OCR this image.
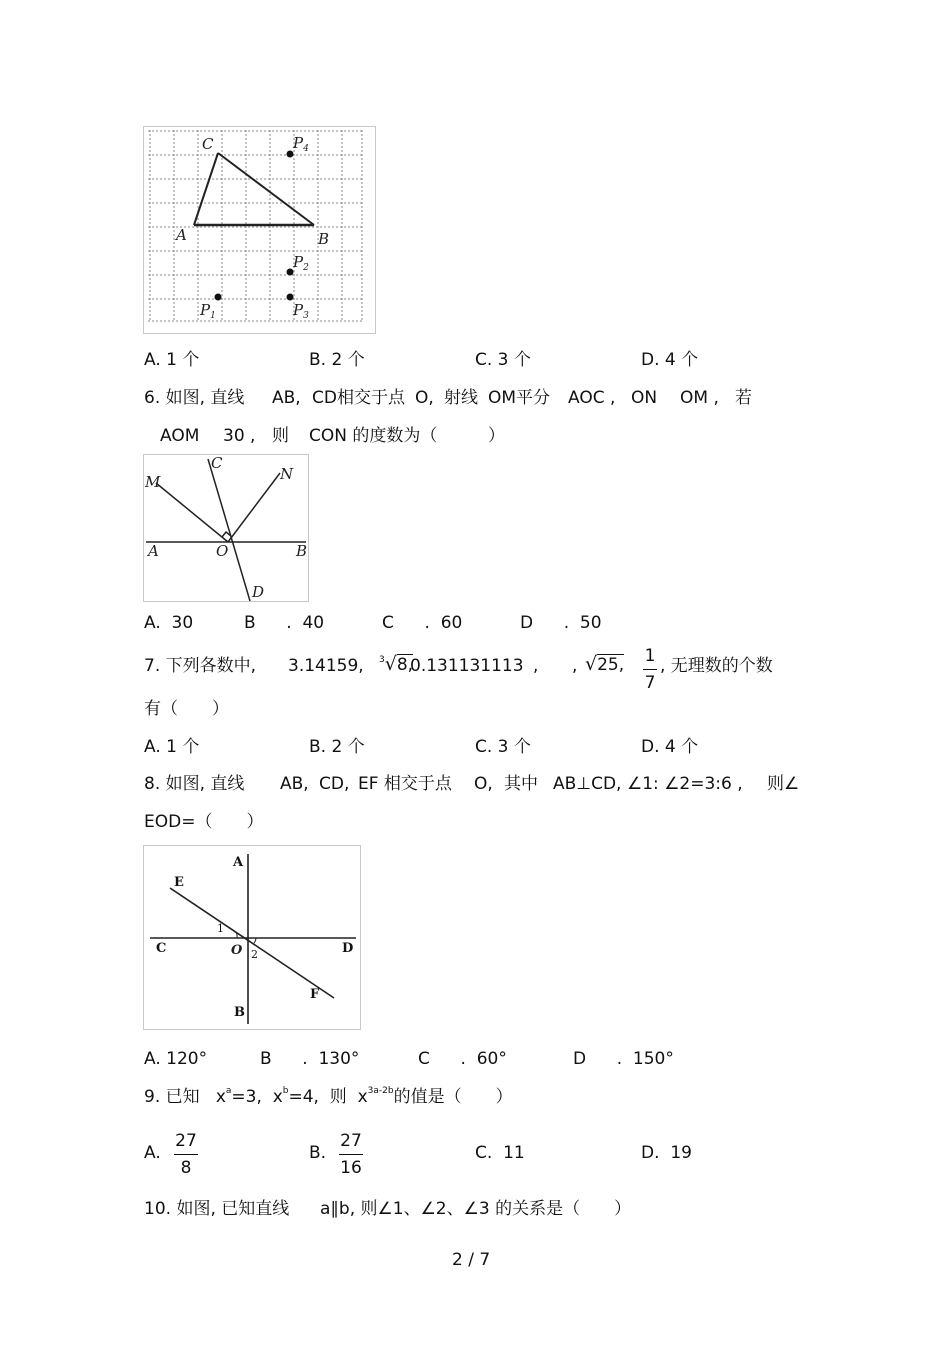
C
A	B
$P_4$
$P_2$
$P_1$	$P_3$
A. 1 个	B. 2 个	C. 3 个	D. 4 个
6. 如图, 直线 AB, CD相交于点 O, 射线 OM平分 AOC , ON OM , 若
AOM 30 , 则 CON 的度数为（	）
M
C
N
A	O	B
D
A. 30	B . 40	C . 60	D . 50
7. 下列各数中, 3.14159, $^3$√8,
0.131131113 , , √25, 1
7
, 无理数的个数
有（　　）
A. 1 个	B. 2 个	C. 3 个	D. 4 个
8. 如图, 直线 AB, CD, EF 相交于点 O, 其中 AB⊥CD, ∠1: ∠2=3:6 , 则∠
EOD=（　　）
A
B
C	D
E
F
O
1
2
A. 120°	B . 130°	C . 60°	D . 150°
9. 已知 $x^a=3$, $x^b=4$, 则 $x^{3a-2b}$的值是（　　）
A.
27
8
B.
27
16
C. 11	D. 19
10. 如图, 已知直线 a∥b, 则∠1、∠2、∠3 的关系是（　　）
2 / 7
